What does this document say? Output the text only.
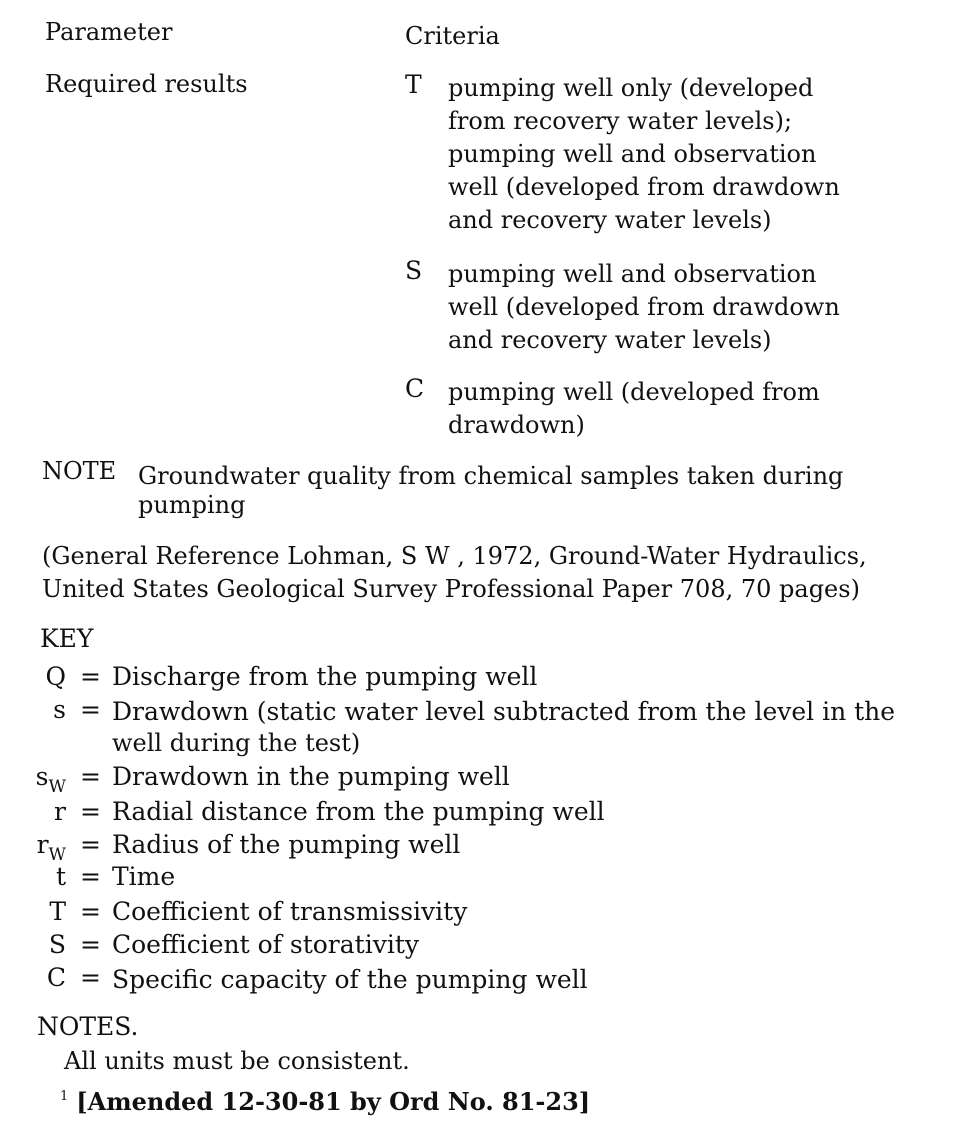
Parameter	Criteria
Required results	T pumping well only (developed
from recovery water levels);
pumping well and observation
well (developed from drawdown
and recovery water levels)
S pumping well and observation
well (developed from drawdown
and recovery water levels)
C pumping well (developed from
drawdown)
NOTE Groundwater quality from chemical samples taken during
pumping
(General Reference Lohman, S W , 1972, Ground-Water Hydraulics,
United States Geological Survey Professional Paper 708, 70 pages)
KEY
Q = Discharge from the pumping well
s = Drawdown (static water level subtracted from the level in the
well during the test)
$s_W$ = Drawdown in the pumping well
r = Radial distance from the pumping well
$r_W$ = Radius of the pumping well
t = Time
T = Coefficient of transmissivity
S = Coefficient of storativity
C = Specific capacity of the pumping well
NOTES.
All units must be consistent.
$^1$ [Amended 12-30-81 by Ord No. 81-23]
